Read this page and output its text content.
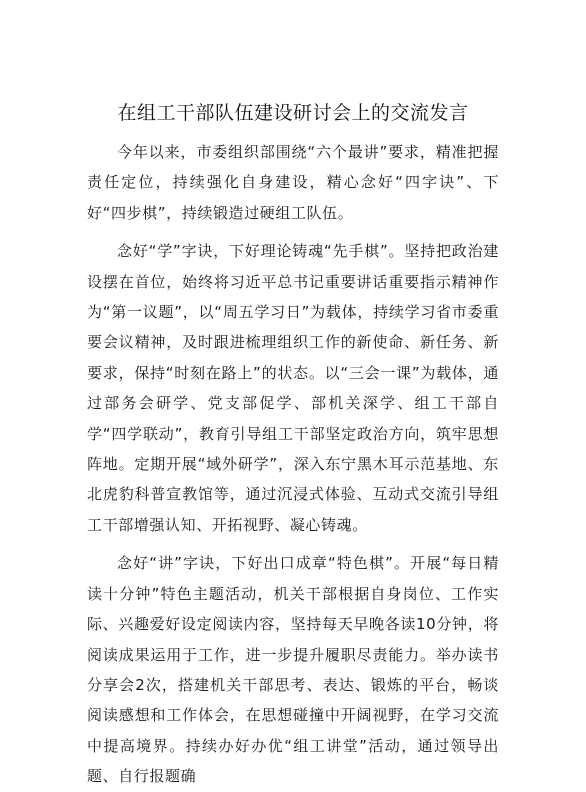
在组工干部队伍建设研讨会上的交流发言

今年以来，市委组织部围绕“六个最讲”要求，精准把握责任定位，持续强化自身建设，精心念好“四字诀”、下好“四步棋”，持续锻造过硬组工队伍。

念好“学”字诀，下好理论铸魂“先手棋”。坚持把政治建设摆在首位，始终将习近平总书记重要讲话重要指示精神作为“第一议题”，以“周五学习日”为载体，持续学习省市委重要会议精神，及时跟进梳理组织工作的新使命、新任务、新要求，保持“时刻在路上”的状态。以“三会一课”为载体，通过部务会研学、党支部促学、部机关深学、组工干部自学“四学联动”，教育引导组工干部坚定政治方向，筑牢思想阵地。定期开展“域外研学”，深入东宁黑木耳示范基地、东北虎豹科普宣教馆等，通过沉浸式体验、互动式交流引导组工干部增强认知、开拓视野、凝心铸魂。

念好“讲”字诀，下好出口成章“特色棋”。开展“每日精读十分钟”特色主题活动，机关干部根据自身岗位、工作实际、兴趣爱好设定阅读内容，坚持每天早晚各读10分钟，将阅读成果运用于工作，进一步提升履职尽责能力。举办读书分享会2次，搭建机关干部思考、表达、锻炼的平台，畅谈阅读感想和工作体会，在思想碰撞中开阔视野，在学习交流中提高境界。持续办好办优“组工讲堂”活动，通过领导出题、自行报题确
